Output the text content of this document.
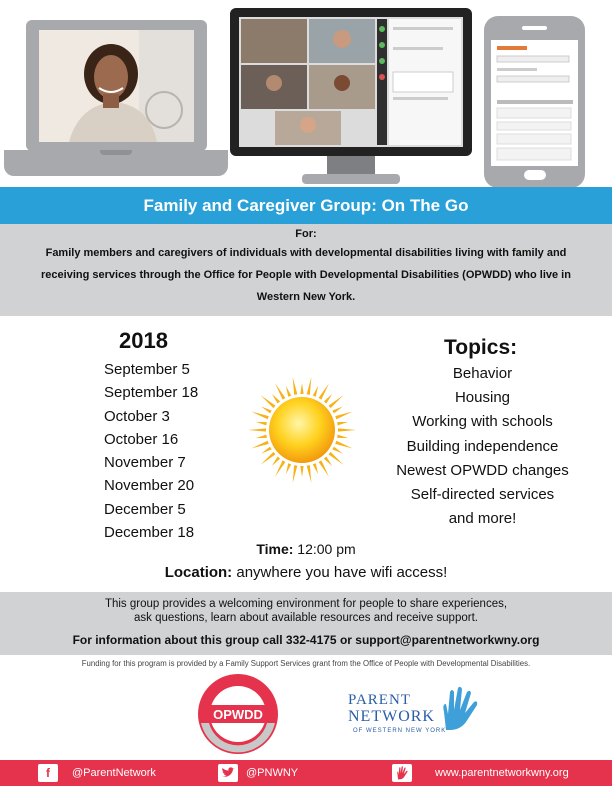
Family and Caregiver Group: On The Go
For:
Family members and caregivers of individuals with developmental disabilities living with family and receiving services through the Office for People with Developmental Disabilities (OPWDD) who live in Western New York.
2018
September 5
September 18
October 3
October 16
November 7
November 20
December 5
December 18
Topics:
Behavior
Housing
Working with schools
Building independence
Newest OPWDD changes
Self-directed services
and more!
Time: 12:00 pm
Location: anywhere you have wifi access!
This group provides a welcoming environment for people to share experiences,
ask questions, learn about available resources and receive support.
For information about this group call 332-4175 or support@parentnetworkwny.org
Funding for this program is provided by a Family Support Services grant from the Office of People with Developmental Disabilities.
OPWDD
PARENT
NETWORK
OF WESTERN NEW YORK
f	@ParentNetwork	@PNWNY	www.parentnetworkwny.org
